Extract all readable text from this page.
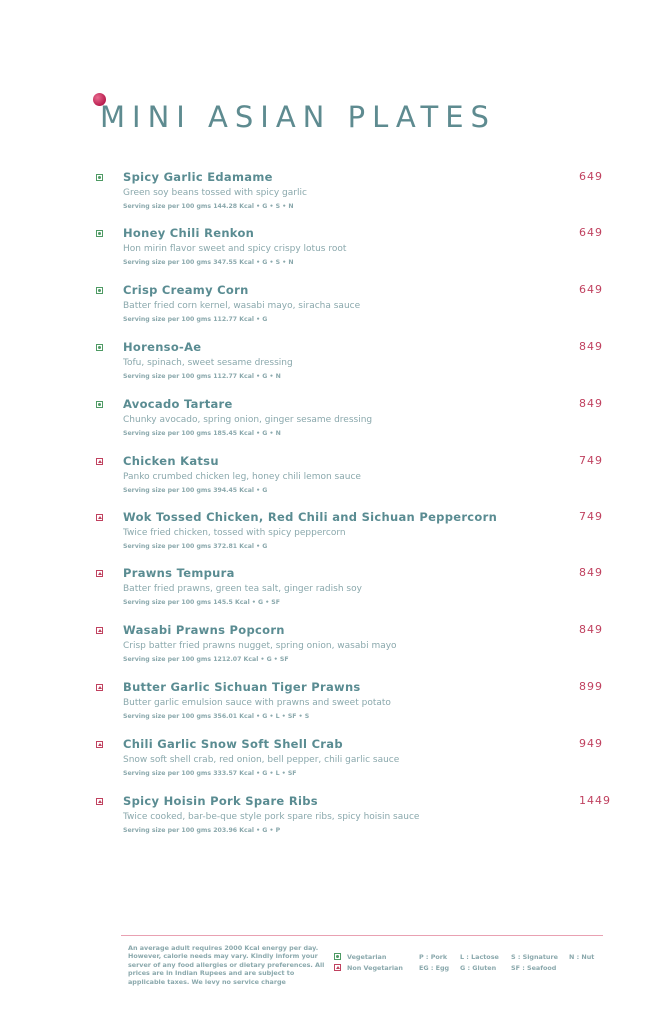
MINI ASIAN PLATES
Spicy Garlic Edamame	649
Green soy beans tossed with spicy garlic
Serving size per 100 gms 144.28 Kcal • G • S • N
Honey Chili Renkon	649
Hon mirin flavor sweet and spicy crispy lotus root
Serving size per 100 gms 347.55 Kcal • G • S • N
Crisp Creamy Corn	649
Batter fried corn kernel, wasabi mayo, siracha sauce
Serving size per 100 gms 112.77 Kcal • G
Horenso-Ae	849
Tofu, spinach, sweet sesame dressing
Serving size per 100 gms 112.77 Kcal • G • N
Avocado Tartare	849
Chunky avocado, spring onion, ginger sesame dressing
Serving size per 100 gms 185.45 Kcal • G • N
Chicken Katsu	749
Panko crumbed chicken leg, honey chili lemon sauce
Serving size per 100 gms 394.45 Kcal • G
Wok Tossed Chicken, Red Chili and Sichuan Peppercorn	749
Twice fried chicken, tossed with spicy peppercorn
Serving size per 100 gms 372.81 Kcal • G
Prawns Tempura	849
Batter fried prawns, green tea salt, ginger radish soy
Serving size per 100 gms 145.5 Kcal • G • SF
Wasabi Prawns Popcorn	849
Crisp batter fried prawns nugget, spring onion, wasabi mayo
Serving size per 100 gms 1212.07 Kcal • G • SF
Butter Garlic Sichuan Tiger Prawns	899
Butter garlic emulsion sauce with prawns and sweet potato
Serving size per 100 gms 356.01 Kcal • G • L • SF • S
Chili Garlic Snow Soft Shell Crab	949
Snow soft shell crab, red onion, bell pepper, chili garlic sauce
Serving size per 100 gms 333.57 Kcal • G • L • SF
Spicy Hoisin Pork Spare Ribs	1449
Twice cooked, bar-be-que style pork spare ribs, spicy hoisin sauce
Serving size per 100 gms 203.96 Kcal • G • P
An average adult requires 2000 Kcal energy per day. However, calorie needs may vary. Kindly inform your server of any food allergies or dietary preferences. All prices are in Indian Rupees and are subject to applicable taxes. We levy no service charge
Vegetarian
Non Vegetarian
P : Pork
EG : Egg
L : Lactose
G : Gluten
S : Signature
SF : Seafood
N : Nut
